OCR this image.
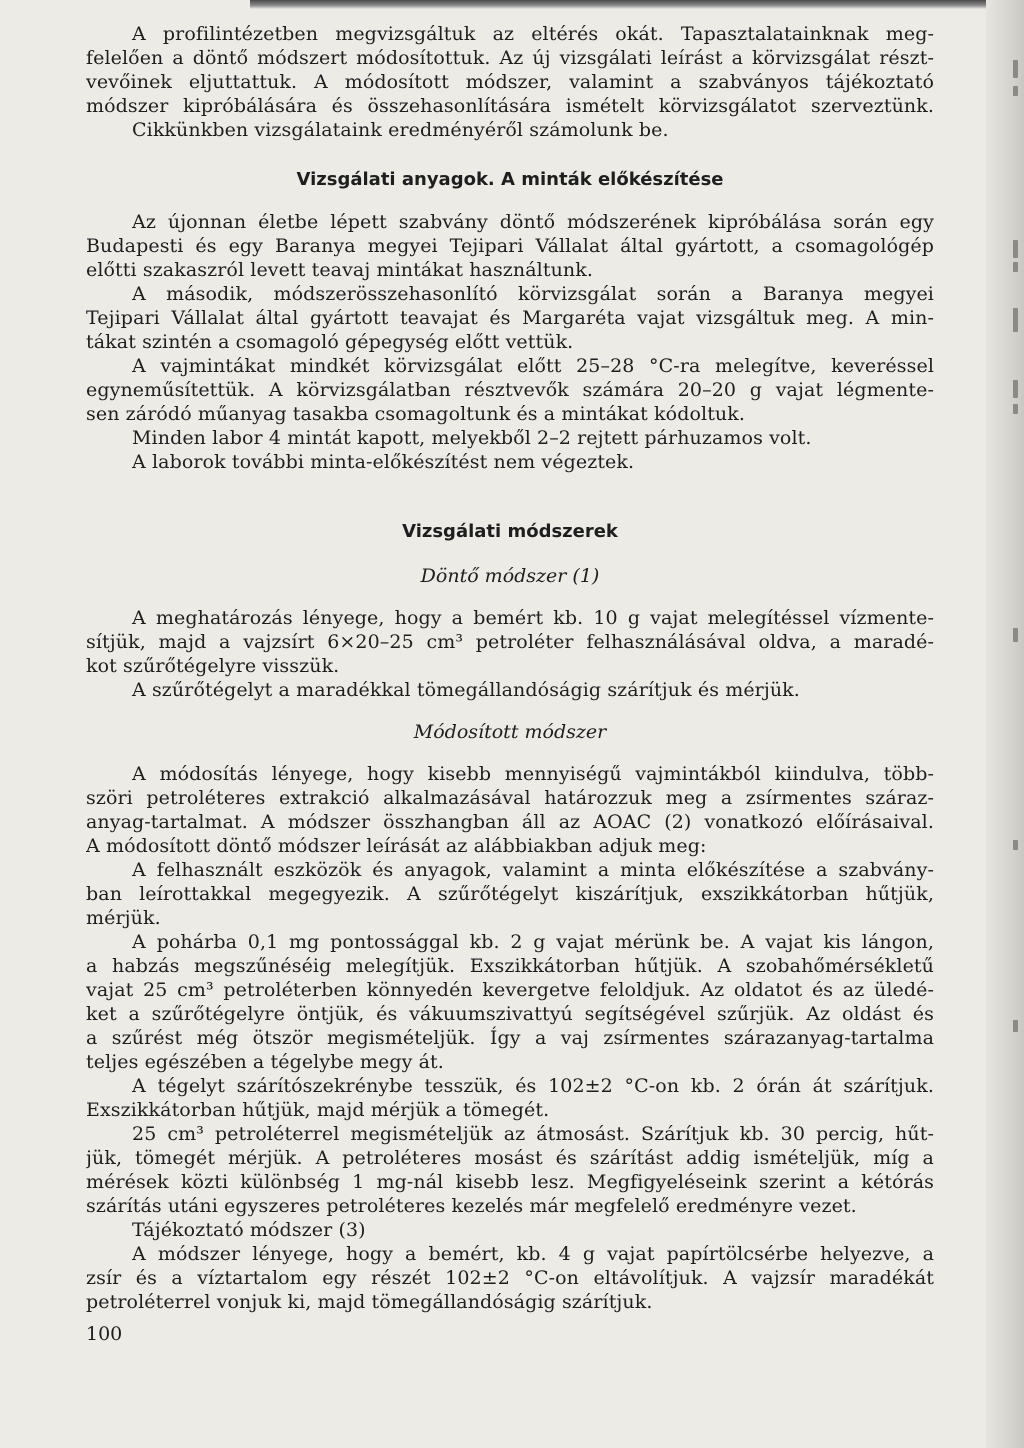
A profilintézetben megvizsgáltuk az eltérés okát. Tapasztalatainknak meg-
felelően a döntő módszert módosítottuk. Az új vizsgálati leírást a körvizsgálat részt-
vevőinek eljuttattuk. A módosított módszer, valamint a szabványos tájékoztató
módszer kipróbálására és összehasonlítására ismételt körvizsgálatot szerveztünk.
Cikkünkben vizsgálataink eredményéről számolunk be.
Vizsgálati anyagok. A minták előkészítése
Az újonnan életbe lépett szabvány döntő módszerének kipróbálása során egy
Budapesti és egy Baranya megyei Tejipari Vállalat által gyártott, a csomagológép
előtti szakaszról levett teavaj mintákat használtunk.
A második, módszerösszehasonlító körvizsgálat során a Baranya megyei
Tejipari Vállalat által gyártott teavajat és Margaréta vajat vizsgáltuk meg. A min-
tákat szintén a csomagoló gépegység előtt vettük.
A vajmintákat mindkét körvizsgálat előtt 25–28 °C-ra melegítve, keveréssel
egyneműsítettük. A körvizsgálatban résztvevők számára 20–20 g vajat légmente-
sen záródó műanyag tasakba csomagoltunk és a mintákat kódoltuk.
Minden labor 4 mintát kapott, melyekből 2–2 rejtett párhuzamos volt.
A laborok további minta-előkészítést nem végeztek.
Vizsgálati módszerek
Döntő módszer (1)
A meghatározás lényege, hogy a bemért kb. 10 g vajat melegítéssel vízmente-
sítjük, majd a vajzsírt 6×20–25 cm³ petroléter felhasználásával oldva, a maradé-
kot szűrőtégelyre visszük.
A szűrőtégelyt a maradékkal tömegállandóságig szárítjuk és mérjük.
Módosított módszer
A módosítás lényege, hogy kisebb mennyiségű vajmintákból kiindulva, több-
szöri petroléteres extrakció alkalmazásával határozzuk meg a zsírmentes száraz-
anyag-tartalmat. A módszer összhangban áll az AOAC (2) vonatkozó előírásaival.
A módosított döntő módszer leírását az alábbiakban adjuk meg:
A felhasznált eszközök és anyagok, valamint a minta előkészítése a szabvány-
ban leírottakkal megegyezik. A szűrőtégelyt kiszárítjuk, exszikkátorban hűtjük,
mérjük.
A pohárba 0,1 mg pontossággal kb. 2 g vajat mérünk be. A vajat kis lángon,
a habzás megszűnéséig melegítjük. Exszikkátorban hűtjük. A szobahőmérsékletű
vajat 25 cm³ petroléterben könnyedén kevergetve feloldjuk. Az oldatot és az üledé-
ket a szűrőtégelyre öntjük, és vákuumszivattyú segítségével szűrjük. Az oldást és
a szűrést még ötször megismételjük. Így a vaj zsírmentes szárazanyag-tartalma
teljes egészében a tégelybe megy át.
A tégelyt szárítószekrénybe tesszük, és 102±2 °C-on kb. 2 órán át szárítjuk.
Exszikkátorban hűtjük, majd mérjük a tömegét.
25 cm³ petroléterrel megismételjük az átmosást. Szárítjuk kb. 30 percig, hűt-
jük, tömegét mérjük. A petroléteres mosást és szárítást addig ismételjük, míg a
mérések közti különbség 1 mg-nál kisebb lesz. Megfigyeléseink szerint a kétórás
szárítás utáni egyszeres petroléteres kezelés már megfelelő eredményre vezet.
Tájékoztató módszer (3)
A módszer lényege, hogy a bemért, kb. 4 g vajat papírtölcsérbe helyezve, a
zsír és a víztartalom egy részét 102±2 °C-on eltávolítjuk. A vajzsír maradékát
petroléterrel vonjuk ki, majd tömegállandóságig szárítjuk.
100
